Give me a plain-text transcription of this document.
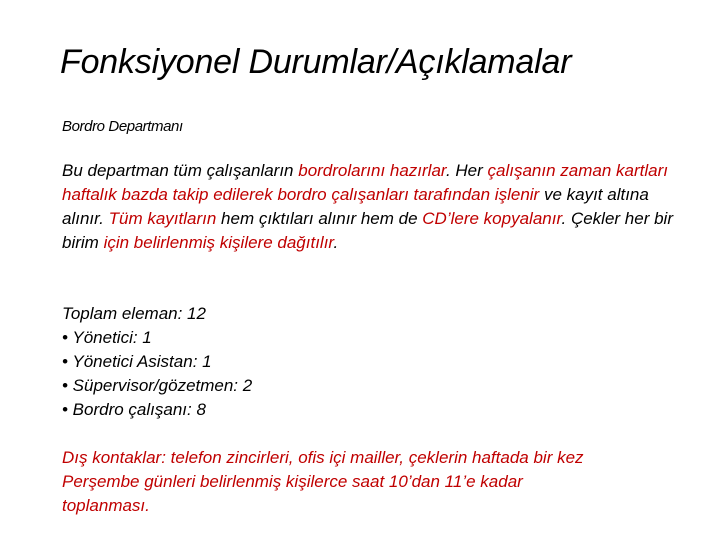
Fonksiyonel Durumlar/Açıklamalar
Bordro Departmanı
Bu departman tüm çalışanların bordrolarını hazırlar. Her çalışanın zaman kartları haftalık bazda takip edilerek bordro çalışanları tarafından işlenir ve kayıt altına alınır. Tüm kayıtların hem çıktıları alınır hem de CD’lere kopyalanır. Çekler her bir birim için belirlenmiş kişilere dağıtılır.
Toplam eleman: 12
• Yönetici: 1
• Yönetici Asistan: 1
• Süpervisor/gözetmen: 2
• Bordro çalışanı: 8
Dış kontaklar: telefon zincirleri, ofis içi mailler, çeklerin haftada bir kez
Perşembe günleri belirlenmiş kişilerce saat 10’dan 11’e kadar
toplanması.
